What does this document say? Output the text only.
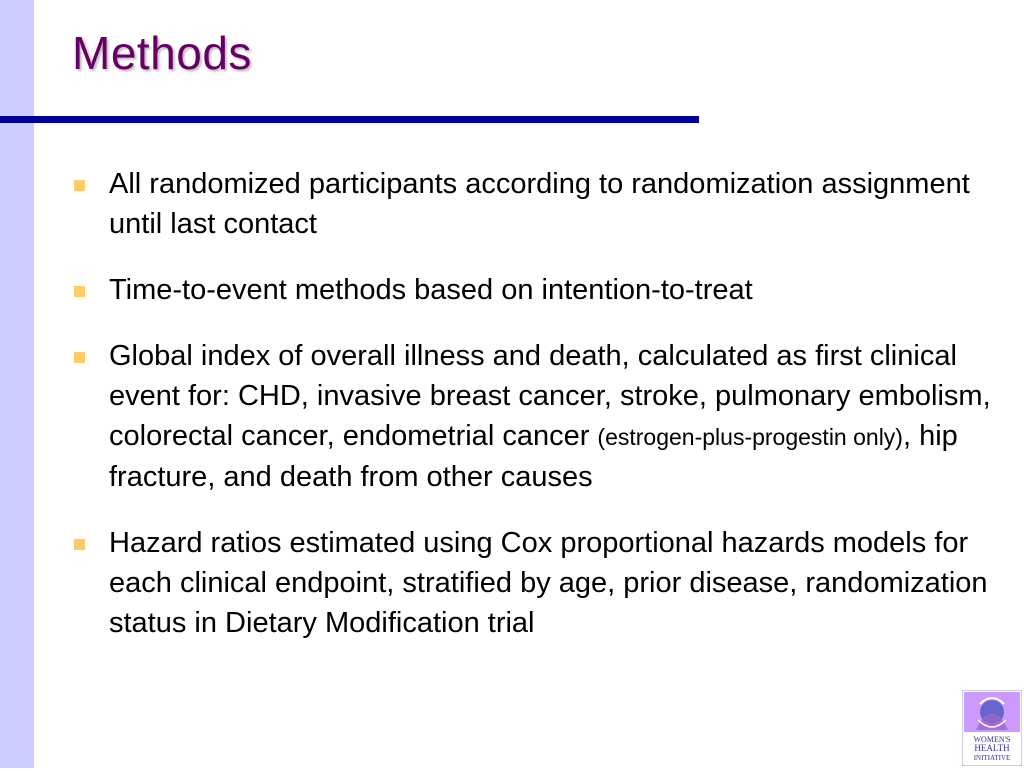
Methods
All randomized participants according to randomization assignment until last contact
Time-to-event methods based on intention-to-treat
Global index of overall illness and death, calculated as first clinical event for: CHD, invasive breast cancer, stroke, pulmonary embolism, colorectal cancer, endometrial cancer (estrogen-plus-progestin only), hip fracture, and death from other causes
Hazard ratios estimated using Cox proportional hazards models for each clinical endpoint, stratified by age, prior disease, randomization status in Dietary Modification trial
WOMEN'S
HEALTH
INITIATIVE
